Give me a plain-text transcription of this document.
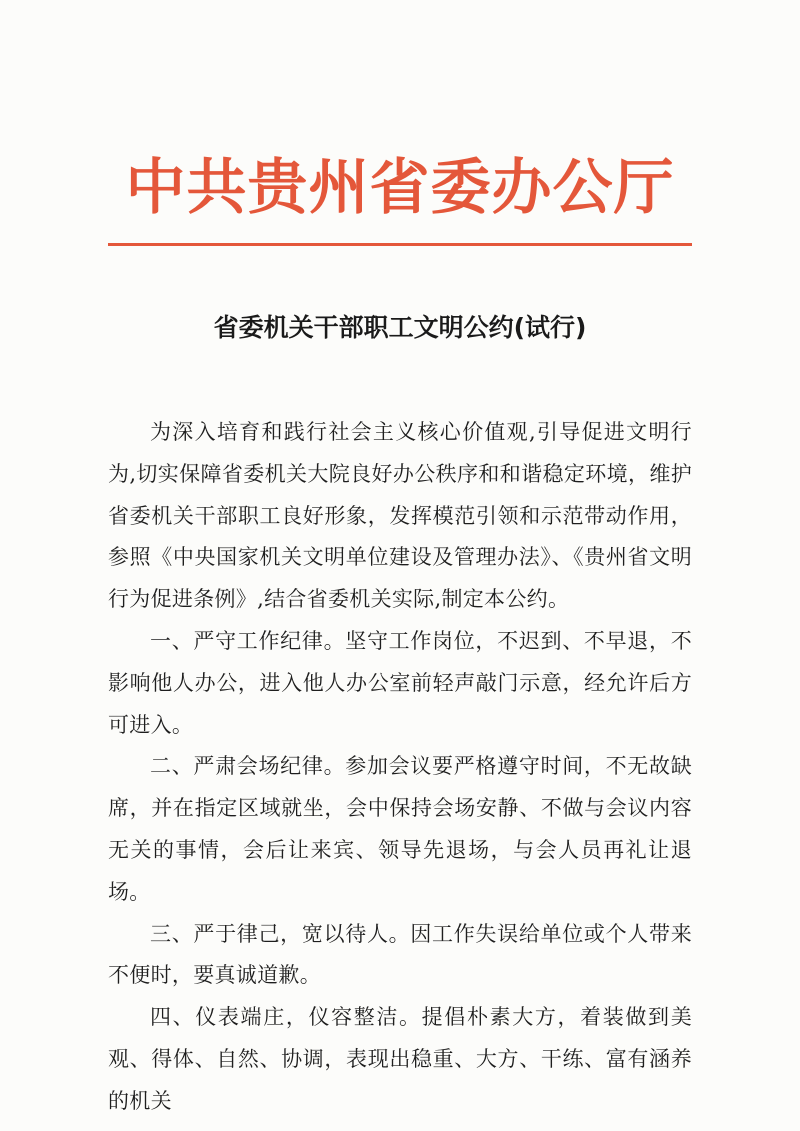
中共贵州省委办公厅
省委机关干部职工文明公约(试行)

为深入培育和践行社会主义核心价值观,引导促进文明行为,切实保障省委机关大院良好办公秩序和和谐稳定环境，维护省委机关干部职工良好形象，发挥模范引领和示范带动作用，参照《中央国家机关文明单位建设及管理办法》、《贵州省文明行为促进条例》,结合省委机关实际,制定本公约。

一、严守工作纪律。坚守工作岗位，不迟到、不早退，不影响他人办公，进入他人办公室前轻声敲门示意，经允许后方可进入。

二、严肃会场纪律。参加会议要严格遵守时间，不无故缺席，并在指定区域就坐，会中保持会场安静、不做与会议内容无关的事情，会后让来宾、领导先退场，与会人员再礼让退场。

三、严于律己，宽以待人。因工作失误给单位或个人带来不便时，要真诚道歉。

四、仪表端庄，仪容整洁。提倡朴素大方，着装做到美观、得体、自然、协调，表现出稳重、大方、干练、富有涵养的机关
